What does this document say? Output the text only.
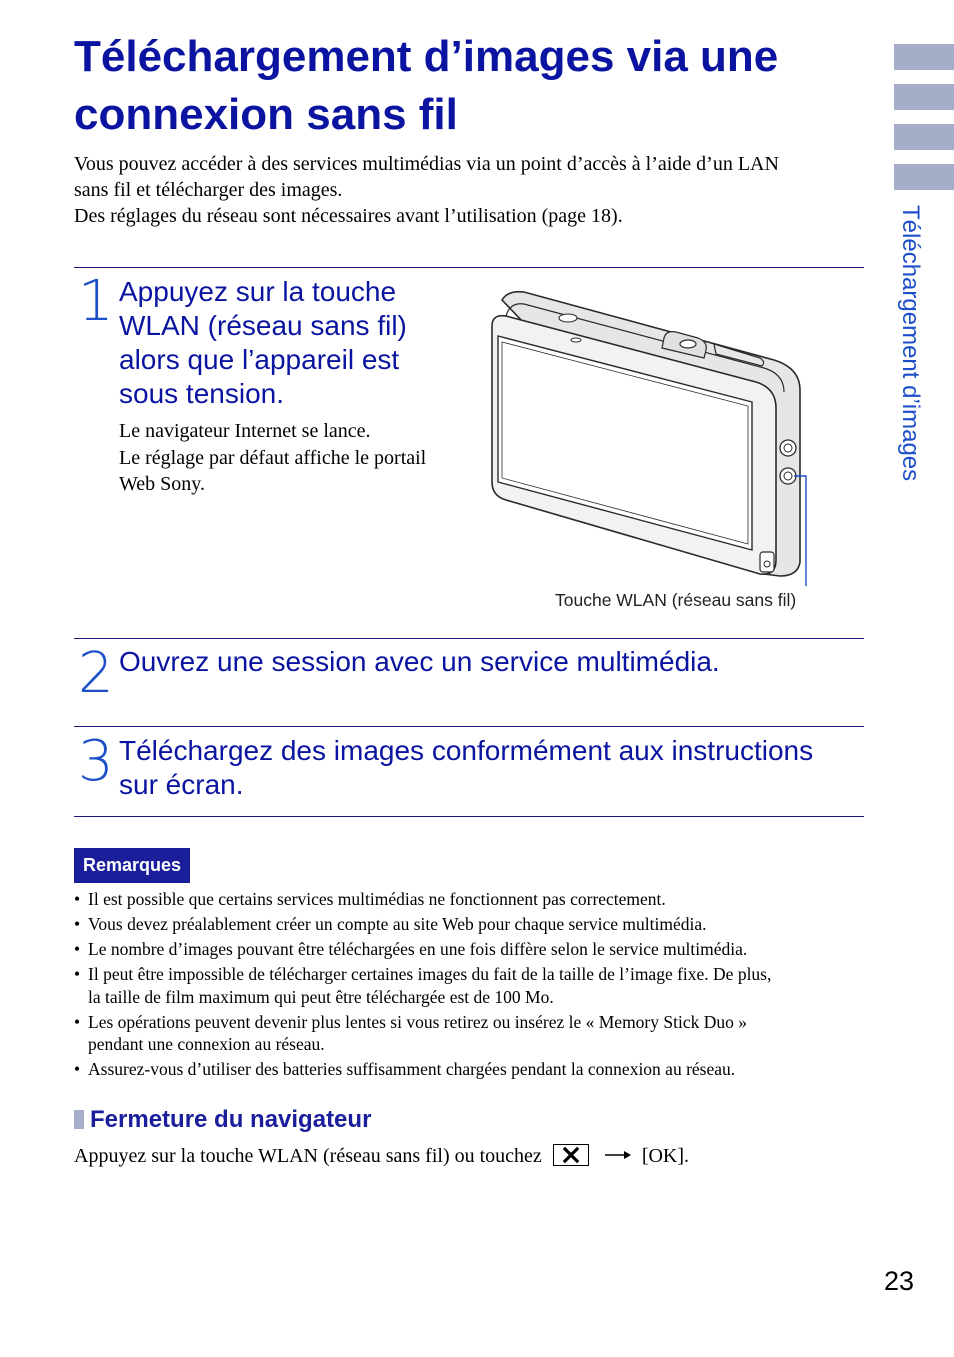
Téléchargement d’images via une
connexion sans fil
Vous pouvez accéder à des services multimédias via un point d’accès à l’aide d’un LAN
sans fil et télécharger des images.
Des réglages du réseau sont nécessaires avant l’utilisation (page 18).	Téléchargement d’images
1 Appuyez sur la touche
WLAN (réseau sans fil)
alors que l’appareil est
sous tension.
Le navigateur Internet se lance.
Le réglage par défaut affiche le portail
Web Sony.
Touche WLAN (réseau sans fil)
2 Ouvrez une session avec un service multimédia.
3 Téléchargez des images conformément aux instructions
sur écran.
Remarques
• Il est possible que certains services multimédias ne fonctionnent pas correctement.
• Vous devez préalablement créer un compte au site Web pour chaque service multimédia.
• Le nombre d’images pouvant être téléchargées en une fois diffère selon le service multimédia.
• Il peut être impossible de télécharger certaines images du fait de la taille de l’image fixe. De plus,
la taille de film maximum qui peut être téléchargée est de 100 Mo.
• Les opérations peuvent devenir plus lentes si vous retirez ou insérez le « Memory Stick Duo »
pendant une connexion au réseau.
• Assurez-vous d’utiliser des batteries suffisamment chargées pendant la connexion au réseau.
Fermeture du navigateur
Appuyez sur la touche WLAN (réseau sans fil) ou touchez	[OK].
23
